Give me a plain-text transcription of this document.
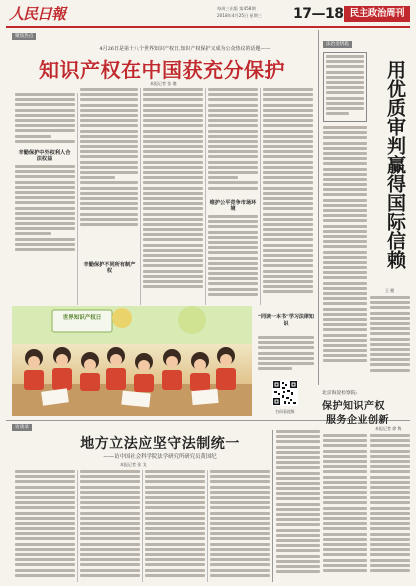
人民日報	每周三出版 第458期
2018年4月25日 星期三 17—18 民主政治周刊
聚焦热点
4月26日是第十八个世界知识产权日,知识产权保护又成为公众热议的话题——
知识产权在中国获充分保护
本报记者 张 璁
辛勤保护中外权利人合法权益
辛勤保护不同所有制产权
维护公平竞争市场环境
世界知识产权日	“同读一本书”学习法律知识
扫码看视频
法治金钥匙
用优质审判赢得国际信赖
王 健
访谈录
地方立法应坚守法制统一
——访中国社会科学院法学研究所研究员黄国纪
本报记者 张 戈
北京海淀检察院:
保护知识产权
服务企业创新
本报记者 徐 隽
